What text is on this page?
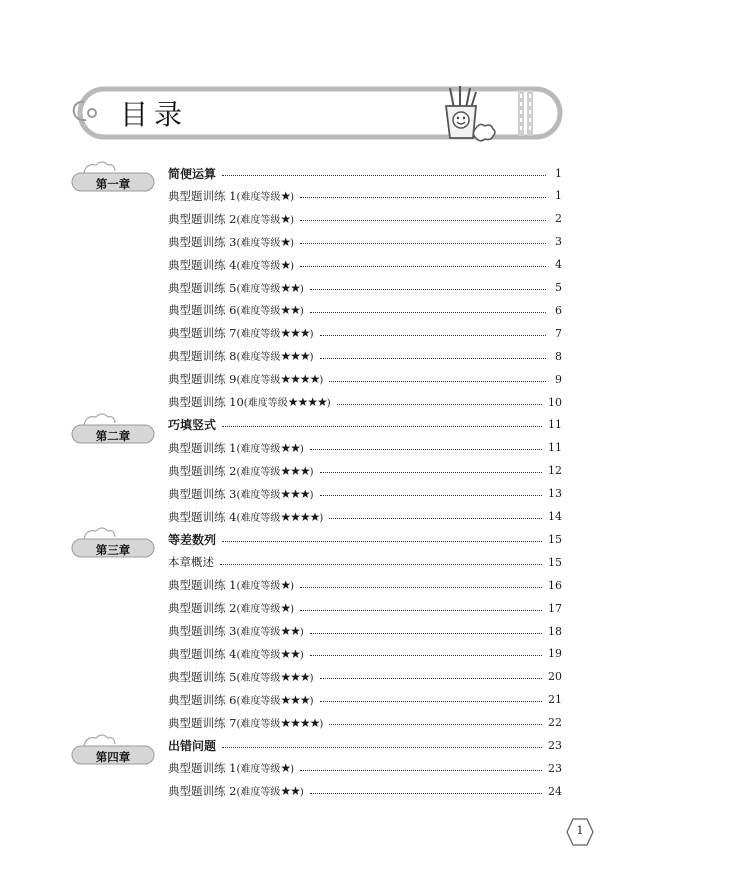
目录
第一章
简便运算	1
典型题训练 1(难度等级★)	1
典型题训练 2(难度等级★)	2
典型题训练 3(难度等级★)	3
典型题训练 4(难度等级★)	4
典型题训练 5(难度等级★★)	5
典型题训练 6(难度等级★★)	6
典型题训练 7(难度等级★★★)	7
典型题训练 8(难度等级★★★)	8
典型题训练 9(难度等级★★★★)	9
典型题训练 10(难度等级★★★★)	10
第二章
巧填竖式	11
典型题训练 1(难度等级★★)	11
典型题训练 2(难度等级★★★)	12
典型题训练 3(难度等级★★★)	13
典型题训练 4(难度等级★★★★)	14
第三章
等差数列	15
本章概述	15
典型题训练 1(难度等级★)	16
典型题训练 2(难度等级★)	17
典型题训练 3(难度等级★★)	18
典型题训练 4(难度等级★★)	19
典型题训练 5(难度等级★★★)	20
典型题训练 6(难度等级★★★)	21
典型题训练 7(难度等级★★★★)	22
第四章
出错问题	23
典型题训练 1(难度等级★)	23
典型题训练 2(难度等级★★)	24
1
